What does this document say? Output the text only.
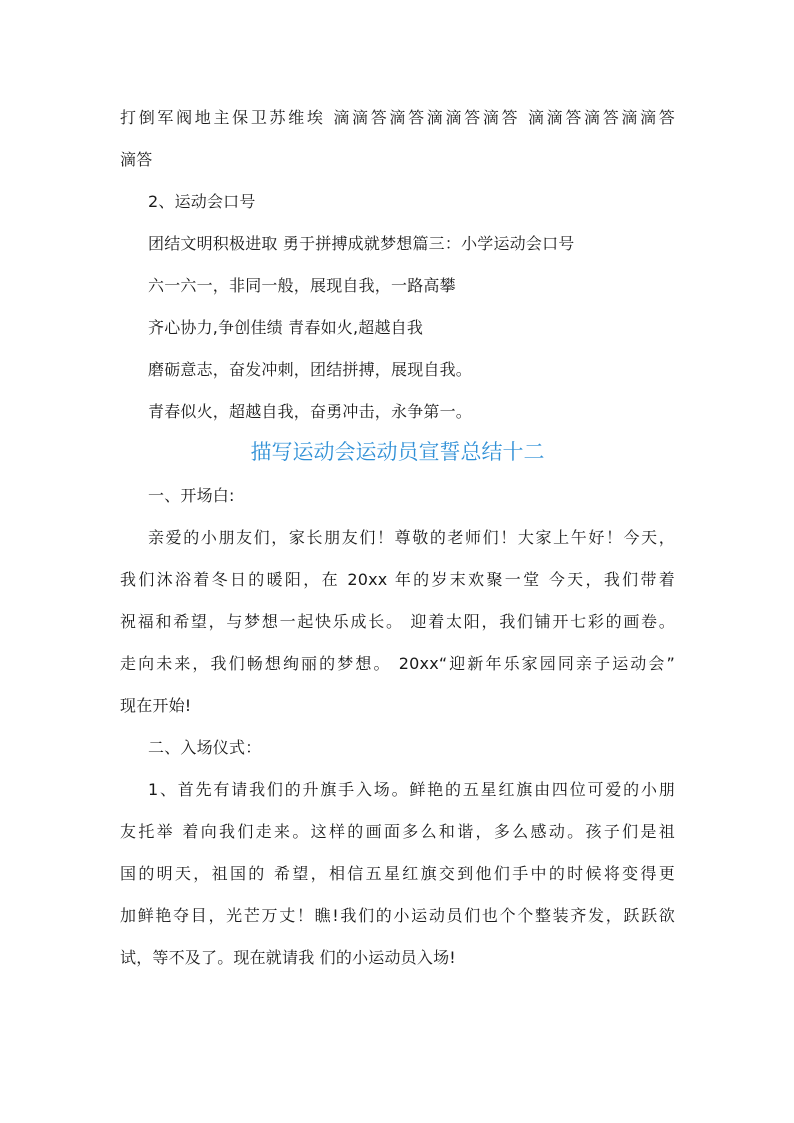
打倒军阀地主保卫苏维埃 滴滴答滴答滴滴答滴答 滴滴答滴答滴滴答
滴答
2、运动会口号
团结文明积极进取 勇于拼搏成就梦想篇三：小学运动会口号
六一六一，非同一般，展现自我，一路高攀
齐心协力,争创佳绩 青春如火,超越自我
磨砺意志，奋发冲刺，团结拼搏，展现自我。
青春似火，超越自我，奋勇冲击，永争第一。
描写运动会运动员宣誓总结十二
一、开场白:
亲爱的小朋友们，家长朋友们！尊敬的老师们！大家上午好！今天，
我们沐浴着冬日的暖阳，在 20xx 年的岁末欢聚一堂 今天，我们带着
祝福和希望，与梦想一起快乐成长。 迎着太阳，我们铺开七彩的画卷。
走向未来，我们畅想绚丽的梦想。 20xx“迎新年乐家园同亲子运动会”
现在开始!
二、入场仪式：
1、首先有请我们的升旗手入场。鲜艳的五星红旗由四位可爱的小朋
友托举 着向我们走来。这样的画面多么和谐，多么感动。孩子们是祖
国的明天，祖国的 希望，相信五星红旗交到他们手中的时候将变得更
加鲜艳夺目，光芒万丈！瞧!我们的小运动员们也个个整装齐发，跃跃欲
试，等不及了。现在就请我 们的小运动员入场!
